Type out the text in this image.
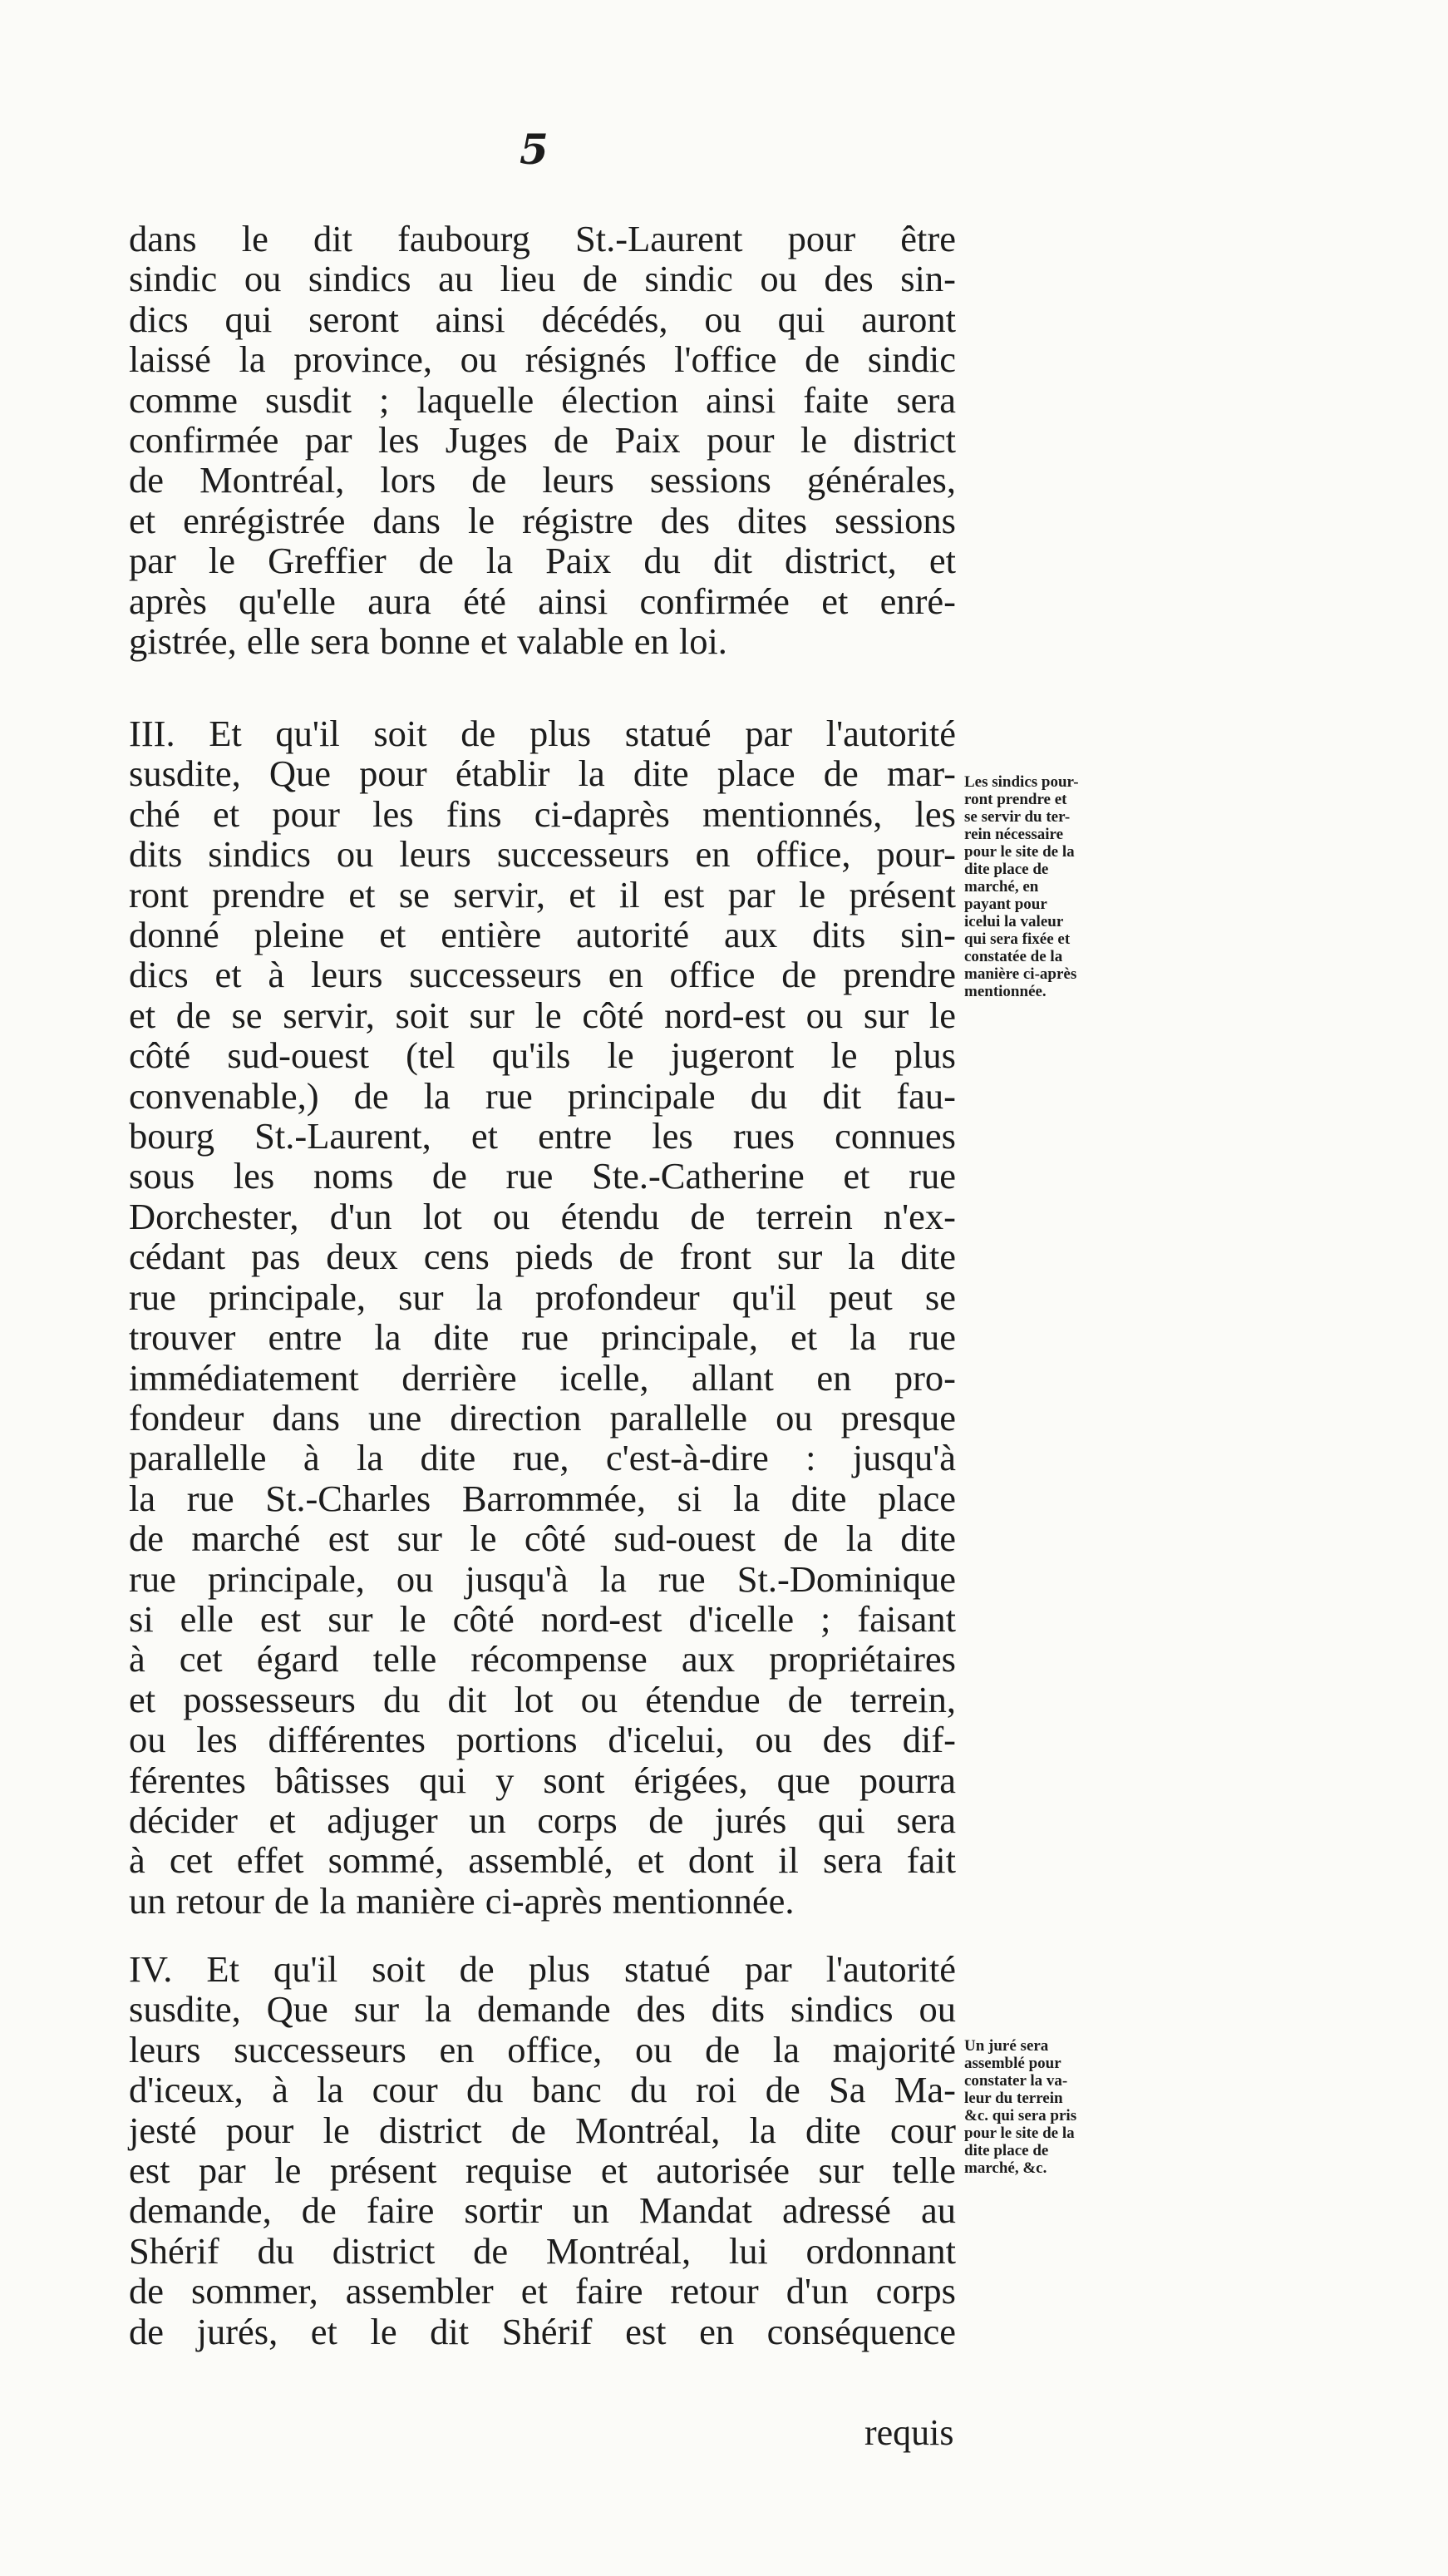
5
dans le dit faubourg St.-Laurent pour être
sindic ou sindics au lieu de sindic ou des sin-
dics qui seront ainsi décédés, ou qui auront
laissé la province, ou résignés l'office de sindic
comme susdit ; laquelle élection ainsi faite sera
confirmée par les Juges de Paix pour le district
de Montréal, lors de leurs sessions générales,
et enrégistrée dans le régistre des dites sessions
par le Greffier de la Paix du dit district, et
après qu'elle aura été ainsi confirmée et enré-
gistrée, elle sera bonne et valable en loi.
III. Et qu'il soit de plus statué par l'autorité
susdite, Que pour établir la dite place de mar-
ché et pour les fins ci-daprès mentionnés, les
dits sindics ou leurs successeurs en office, pour-
ront prendre et se servir, et il est par le présent
donné pleine et entière autorité aux dits sin-
dics et à leurs successeurs en office de prendre
et de se servir, soit sur le côté nord-est ou sur le
côté sud-ouest (tel qu'ils le jugeront le plus
convenable,) de la rue principale du dit fau-
bourg St.-Laurent, et entre les rues connues
sous les noms de rue Ste.-Catherine et rue
Dorchester, d'un lot ou étendu de terrein n'ex-
cédant pas deux cens pieds de front sur la dite
rue principale, sur la profondeur qu'il peut se
trouver entre la dite rue principale, et la rue
immédiatement derrière icelle, allant en pro-
fondeur dans une direction parallelle ou presque
parallelle à la dite rue, c'est-à-dire : jusqu'à
la rue St.-Charles Barrommée, si la dite place
de marché est sur le côté sud-ouest de la dite
rue principale, ou jusqu'à la rue St.-Dominique
si elle est sur le côté nord-est d'icelle ; faisant
à cet égard telle récompense aux propriétaires
et possesseurs du dit lot ou étendue de terrein,
ou les différentes portions d'icelui, ou des dif-
férentes bâtisses qui y sont érigées, que pourra
décider et adjuger un corps de jurés qui sera
à cet effet sommé, assemblé, et dont il sera fait
un retour de la manière ci-après mentionnée.
Les sindics pour-
ront prendre et
se servir du ter-
rein nécessaire
pour le site de la
dite place de
marché, en
payant pour
icelui la valeur
qui sera fixée et
constatée de la
manière ci-après
mentionnée.
IV. Et qu'il soit de plus statué par l'autorité
susdite, Que sur la demande des dits sindics ou
leurs successeurs en office, ou de la majorité
d'iceux, à la cour du banc du roi de Sa Ma-
jesté pour le district de Montréal, la dite cour
est par le présent requise et autorisée sur telle
demande, de faire sortir un Mandat adressé au
Shérif du district de Montréal, lui ordonnant
de sommer, assembler et faire retour d'un corps
de jurés, et le dit Shérif est en conséquence
Un juré sera
assemblé pour
constater la va-
leur du terrein
&c. qui sera pris
pour le site de la
dite place de
marché, &c.
requis
